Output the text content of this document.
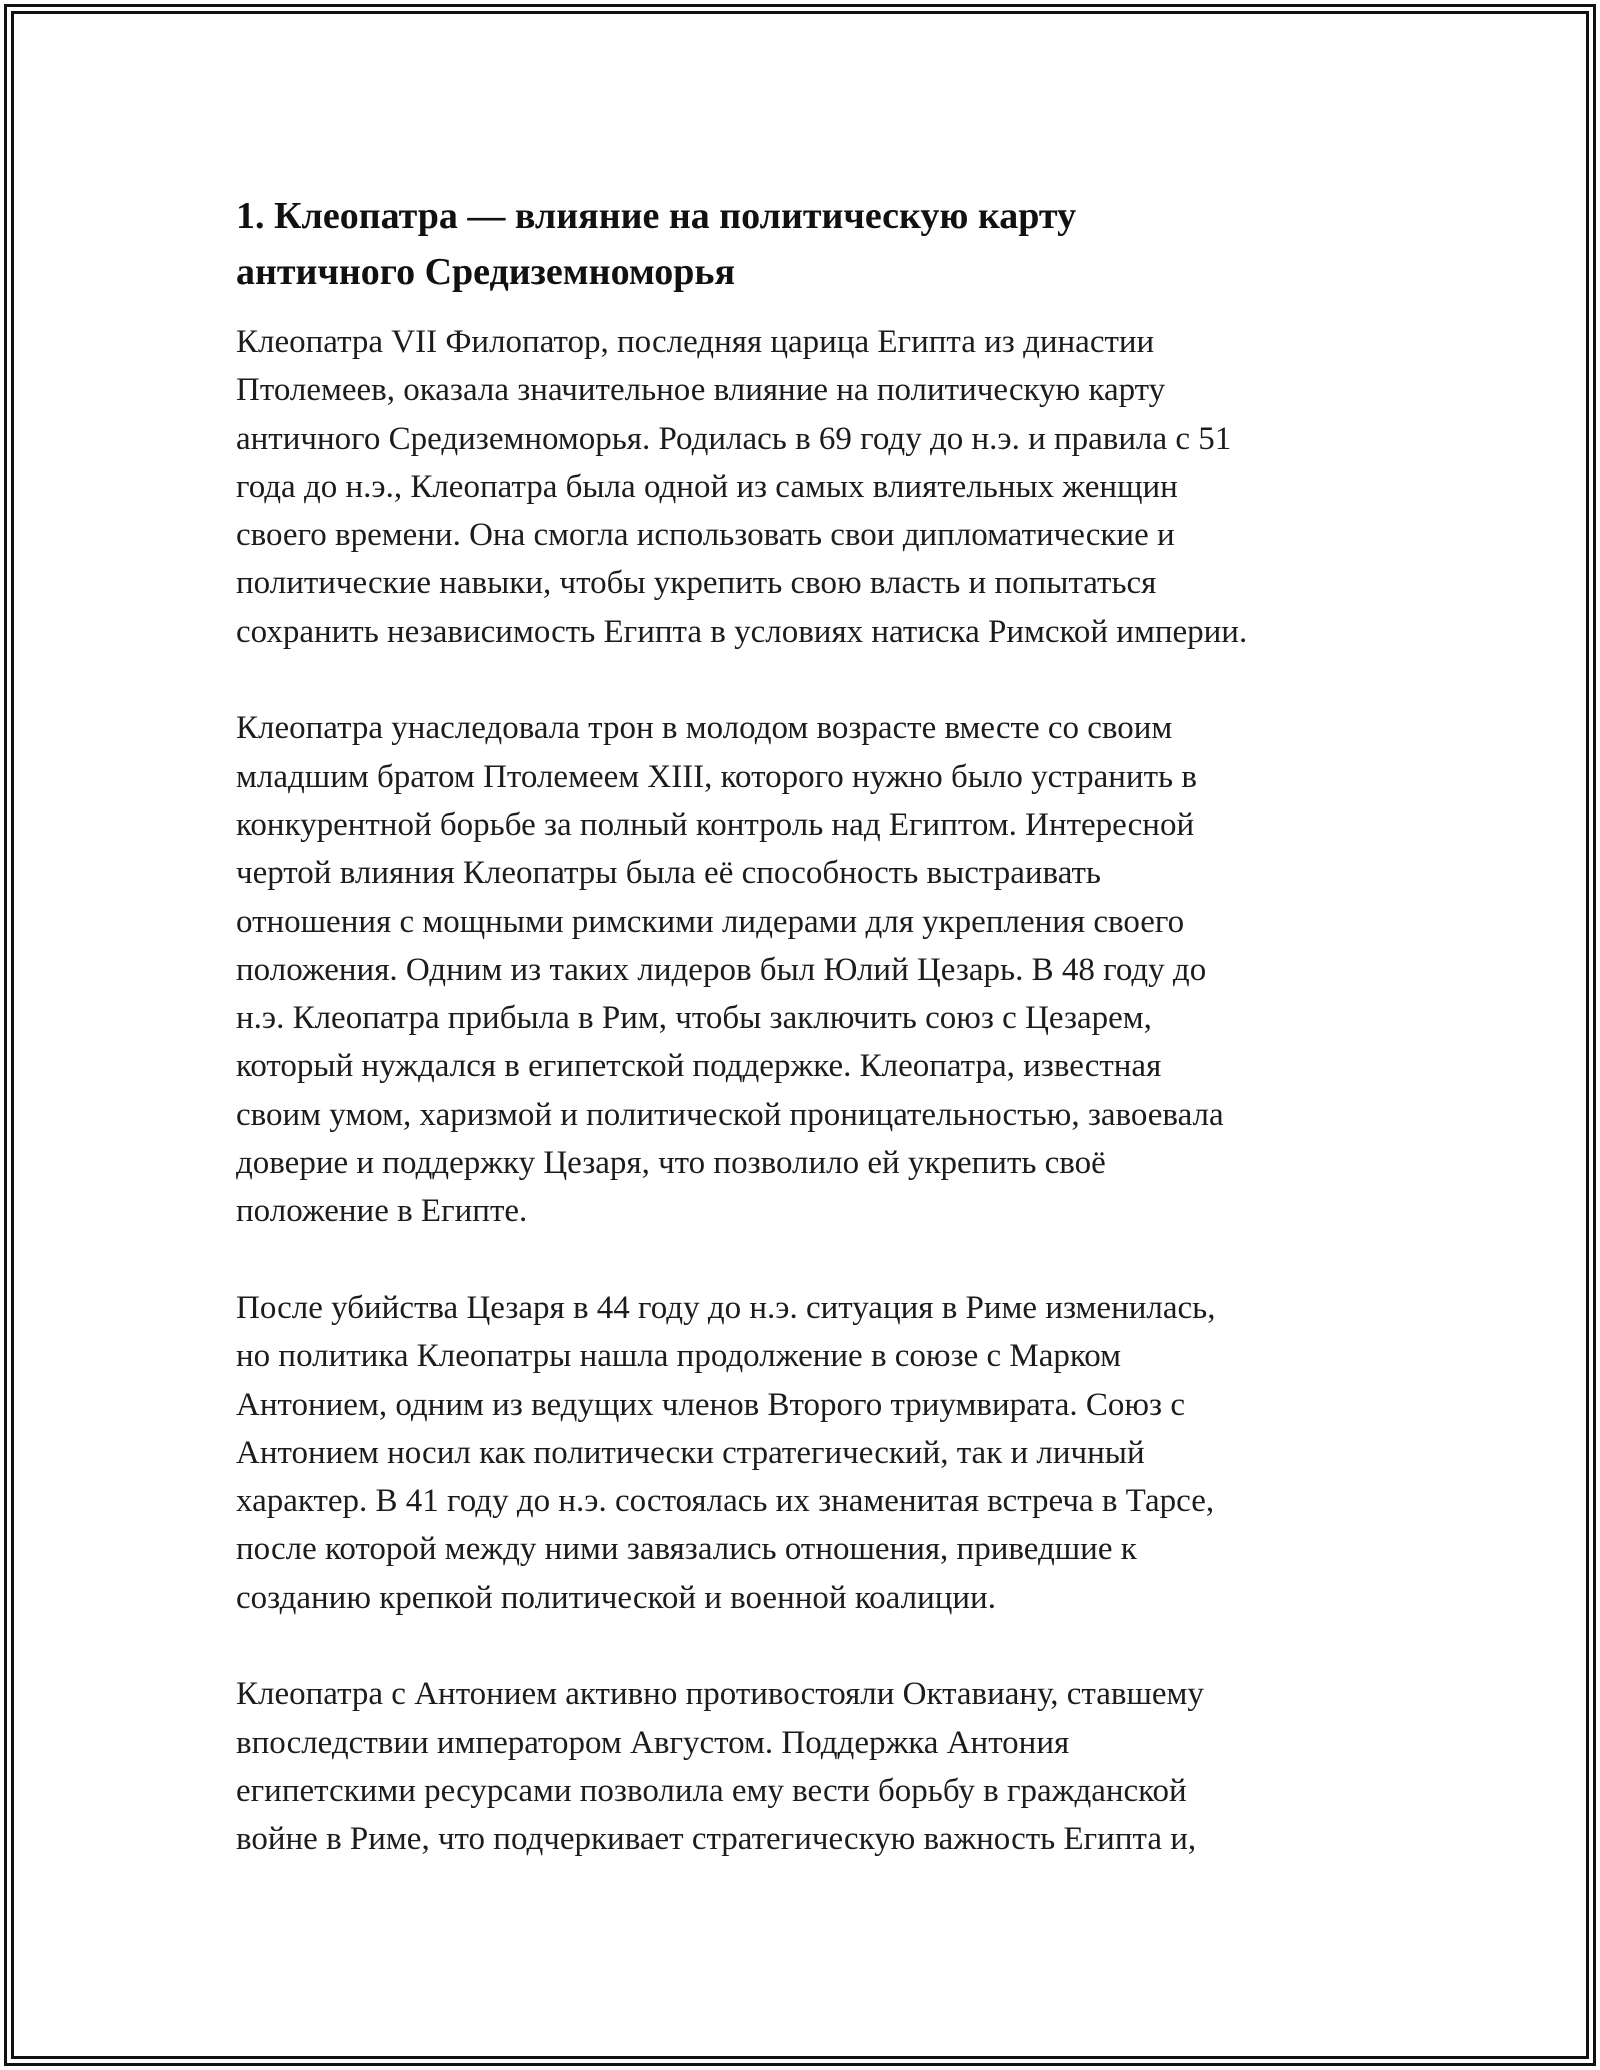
1. Клеопатра — влияние на политическую карту
античного Средиземноморья

Клеопатра VII Филопатор, последняя царица Египта из династии
Птолемеев, оказала значительное влияние на политическую карту
античного Средиземноморья. Родилась в 69 году до н.э. и правила с 51
года до н.э., Клеопатра была одной из самых влиятельных женщин
своего времени. Она смогла использовать свои дипломатические и
политические навыки, чтобы укрепить свою власть и попытаться
сохранить независимость Египта в условиях натиска Римской империи.

Клеопатра унаследовала трон в молодом возрасте вместе со своим
младшим братом Птолемеем XIII, которого нужно было устранить в
конкурентной борьбе за полный контроль над Египтом. Интересной
чертой влияния Клеопатры была её способность выстраивать
отношения с мощными римскими лидерами для укрепления своего
положения. Одним из таких лидеров был Юлий Цезарь. В 48 году до
н.э. Клеопатра прибыла в Рим, чтобы заключить союз с Цезарем,
который нуждался в египетской поддержке. Клеопатра, известная
своим умом, харизмой и политической проницательностью, завоевала
доверие и поддержку Цезаря, что позволило ей укрепить своё
положение в Египте.

После убийства Цезаря в 44 году до н.э. ситуация в Риме изменилась,
но политика Клеопатры нашла продолжение в союзе с Марком
Антонием, одним из ведущих членов Второго триумвирата. Союз с
Антонием носил как политически стратегический, так и личный
характер. В 41 году до н.э. состоялась их знаменитая встреча в Тарсе,
после которой между ними завязались отношения, приведшие к
созданию крепкой политической и военной коалиции.

Клеопатра с Антонием активно противостояли Октавиану, ставшему
впоследствии императором Августом. Поддержка Антония
египетскими ресурсами позволила ему вести борьбу в гражданской
войне в Риме, что подчеркивает стратегическую важность Египта и,
